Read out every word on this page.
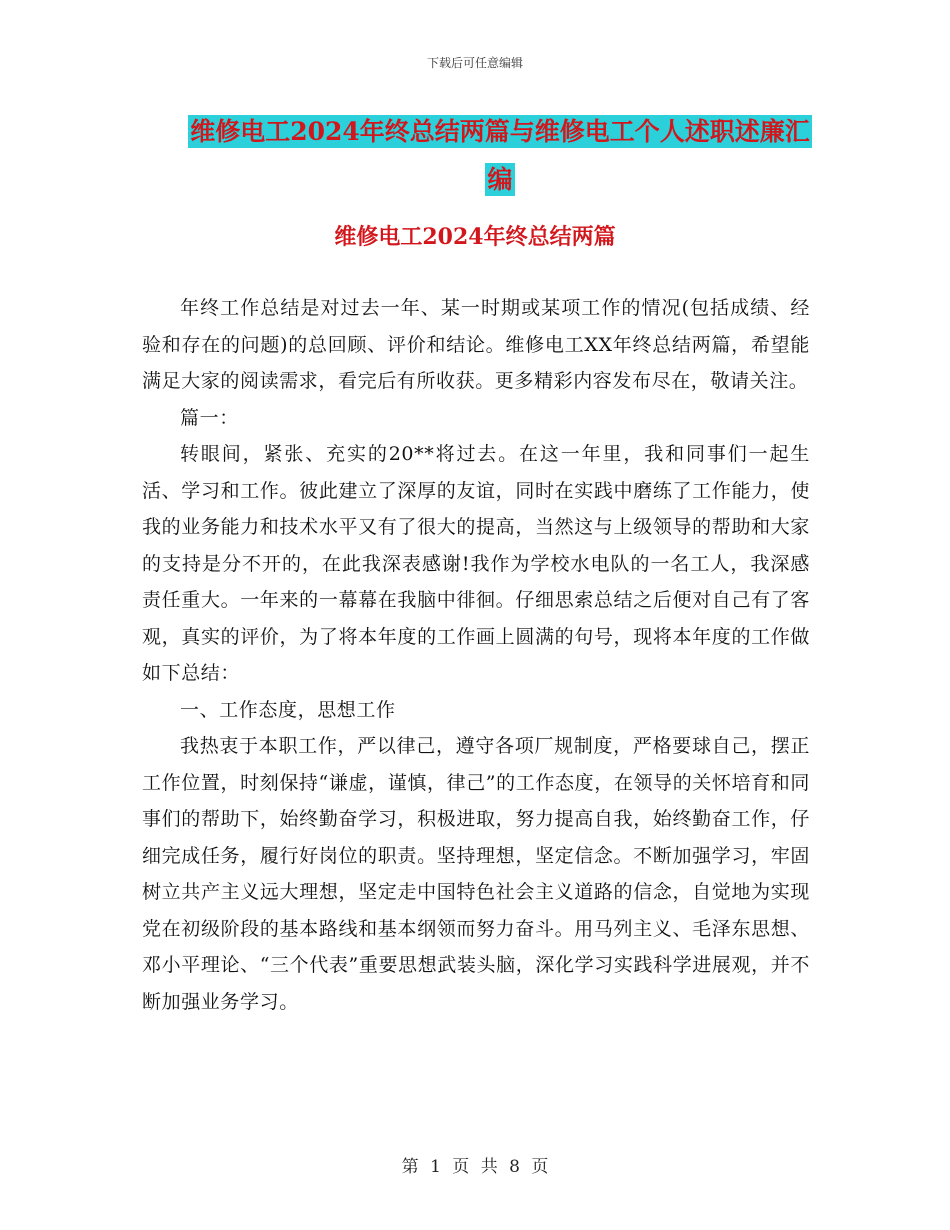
下载后可任意编辑
维修电工2024年终总结两篇与维修电工个人述职述廉汇编
维修电工2024年终总结两篇

年终工作总结是对过去一年、某一时期或某项工作的情况(包括成绩、经验和存在的问题)的总回顾、评价和结论。维修电工XX年终总结两篇，希望能满足大家的阅读需求，看完后有所收获。更多精彩内容发布尽在，敬请关注。

篇一：

转眼间，紧张、充实的20**将过去。在这一年里，我和同事们一起生活、学习和工作。彼此建立了深厚的友谊，同时在实践中磨练了工作能力，使我的业务能力和技术水平又有了很大的提高，当然这与上级领导的帮助和大家的支持是分不开的，在此我深表感谢!我作为学校水电队的一名工人，我深感责任重大。一年来的一幕幕在我脑中徘徊。仔细思索总结之后便对自己有了客观，真实的评价，为了将本年度的工作画上圆满的句号，现将本年度的工作做如下总结：

一、工作态度，思想工作

我热衷于本职工作，严以律己，遵守各项厂规制度，严格要球自己，摆正工作位置，时刻保持“谦虚，谨慎，律己”的工作态度，在领导的关怀培育和同事们的帮助下，始终勤奋学习，积极进取，努力提高自我，始终勤奋工作，仔细完成任务，履行好岗位的职责。坚持理想，坚定信念。不断加强学习，牢固树立共产主义远大理想，坚定走中国特色社会主义道路的信念，自觉地为实现党在初级阶段的基本路线和基本纲领而努力奋斗。用马列主义、毛泽东思想、邓小平理论、“三个代表”重要思想武装头脑，深化学习实践科学进展观，并不断加强业务学习。

第 1 页 共 8 页
